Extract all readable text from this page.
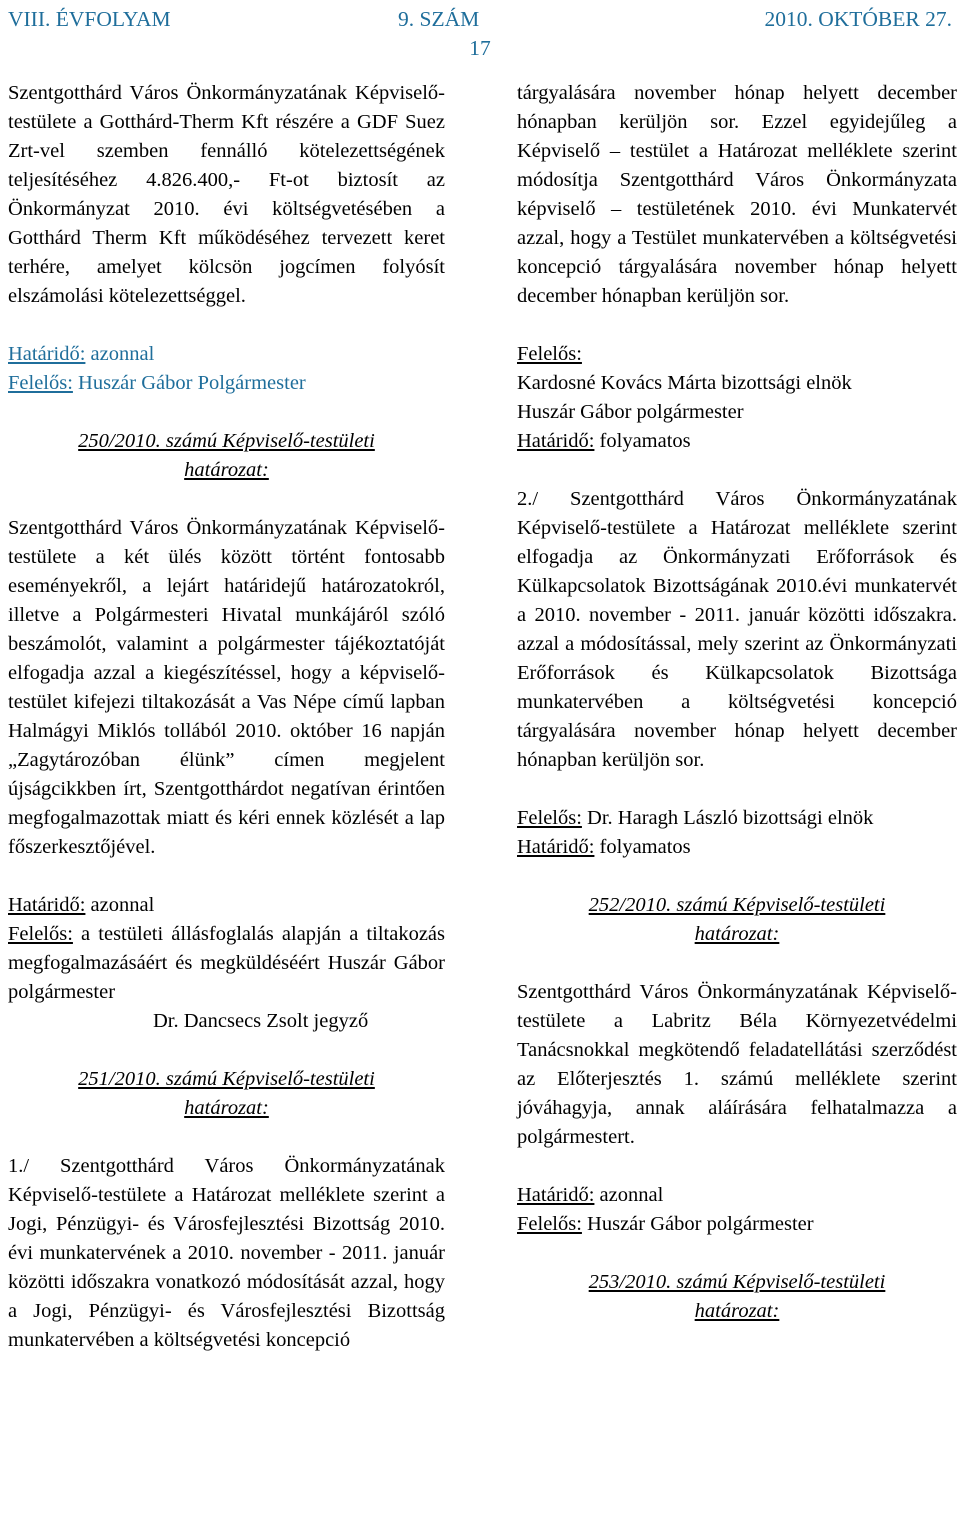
VIII. ÉVFOLYAM	9. SZÁM	2010. OKTÓBER 27.
17

Szentgotthárd Város Önkormányzatának Képviselő-testülete a Gotthárd-Therm Kft részére a GDF Suez Zrt-vel szemben fennálló kötelezettségének teljesítéséhez 4.826.400,- Ft-ot biztosít az Önkormányzat 2010. évi költségvetésében a Gotthárd Therm Kft működéséhez tervezett keret terhére, amelyet kölcsön jogcímen folyósít elszámolási kötelezettséggel.

Határidő: azonnal

Felelős: Huszár Gábor Polgármester

250/2010. számú Képviselő-testületi
határozat:

Szentgotthárd Város Önkormányzatának Képviselő-testülete a két ülés között történt fontosabb eseményekről, a lejárt határidejű határozatokról, illetve a Polgármesteri Hivatal munkájáról szóló beszámolót, valamint a polgármester tájékoztatóját elfogadja azzal a kiegészítéssel, hogy a képviselő-testület kifejezi tiltakozását a Vas Népe című lapban Halmágyi Miklós tollából 2010. október 16 napján „Zagytározóban élünk” címen megjelent újságcikkben írt, Szentgotthárdot negatívan érintően megfogalmazottak miatt és kéri ennek közlését a lap főszerkesztőjével.

Határidő: azonnal

Felelős: a testületi állásfoglalás alapján a tiltakozás megfogalmazásáért és megküldéséért Huszár Gábor polgármester

Dr. Dancsecs Zsolt jegyző

251/2010. számú Képviselő-testületi
határozat:

1./ Szentgotthárd Város Önkormányzatának Képviselő-testülete a Határozat melléklete szerint a Jogi, Pénzügyi- és Városfejlesztési Bizottság 2010. évi munkatervének a 2010. november - 2011. január közötti időszakra vonatkozó módosítását azzal, hogy a Jogi, Pénzügyi- és Városfejlesztési Bizottság munkatervében a költségvetési koncepció

tárgyalására november hónap helyett december hónapban kerüljön sor. Ezzel egyidejűleg a Képviselő – testület a Határozat melléklete szerint módosítja Szentgotthárd Város Önkormányzata képviselő – testületének 2010. évi Munkatervét azzal, hogy a Testület munkatervében a költségvetési koncepció tárgyalására november hónap helyett december hónapban kerüljön sor.

Felelős:

Kardosné Kovács Márta bizottsági elnök

Huszár Gábor polgármester

Határidő: folyamatos

2./ Szentgotthárd Város Önkormányzatának Képviselő-testülete a Határozat melléklete szerint elfogadja az Önkormányzati Erőforrások és Külkapcsolatok Bizottságának 2010.évi munkatervét a 2010. november - 2011. január közötti időszakra. azzal a módosítással, mely szerint az Önkormányzati Erőforrások és Külkapcsolatok Bizottsága munkatervében a költségvetési koncepció tárgyalására november hónap helyett december hónapban kerüljön sor.

Felelős: Dr. Haragh László bizottsági elnök

Határidő: folyamatos

252/2010. számú Képviselő-testületi
határozat:

Szentgotthárd Város Önkormányzatának Képviselő-testülete a Labritz Béla Környezetvédelmi Tanácsnokkal megkötendő feladatellátási szerződést az Előterjesztés 1. számú melléklete szerint jóváhagyja, annak aláírására felhatalmazza a polgármestert.

Határidő: azonnal

Felelős: Huszár Gábor polgármester

253/2010. számú Képviselő-testületi
határozat:
